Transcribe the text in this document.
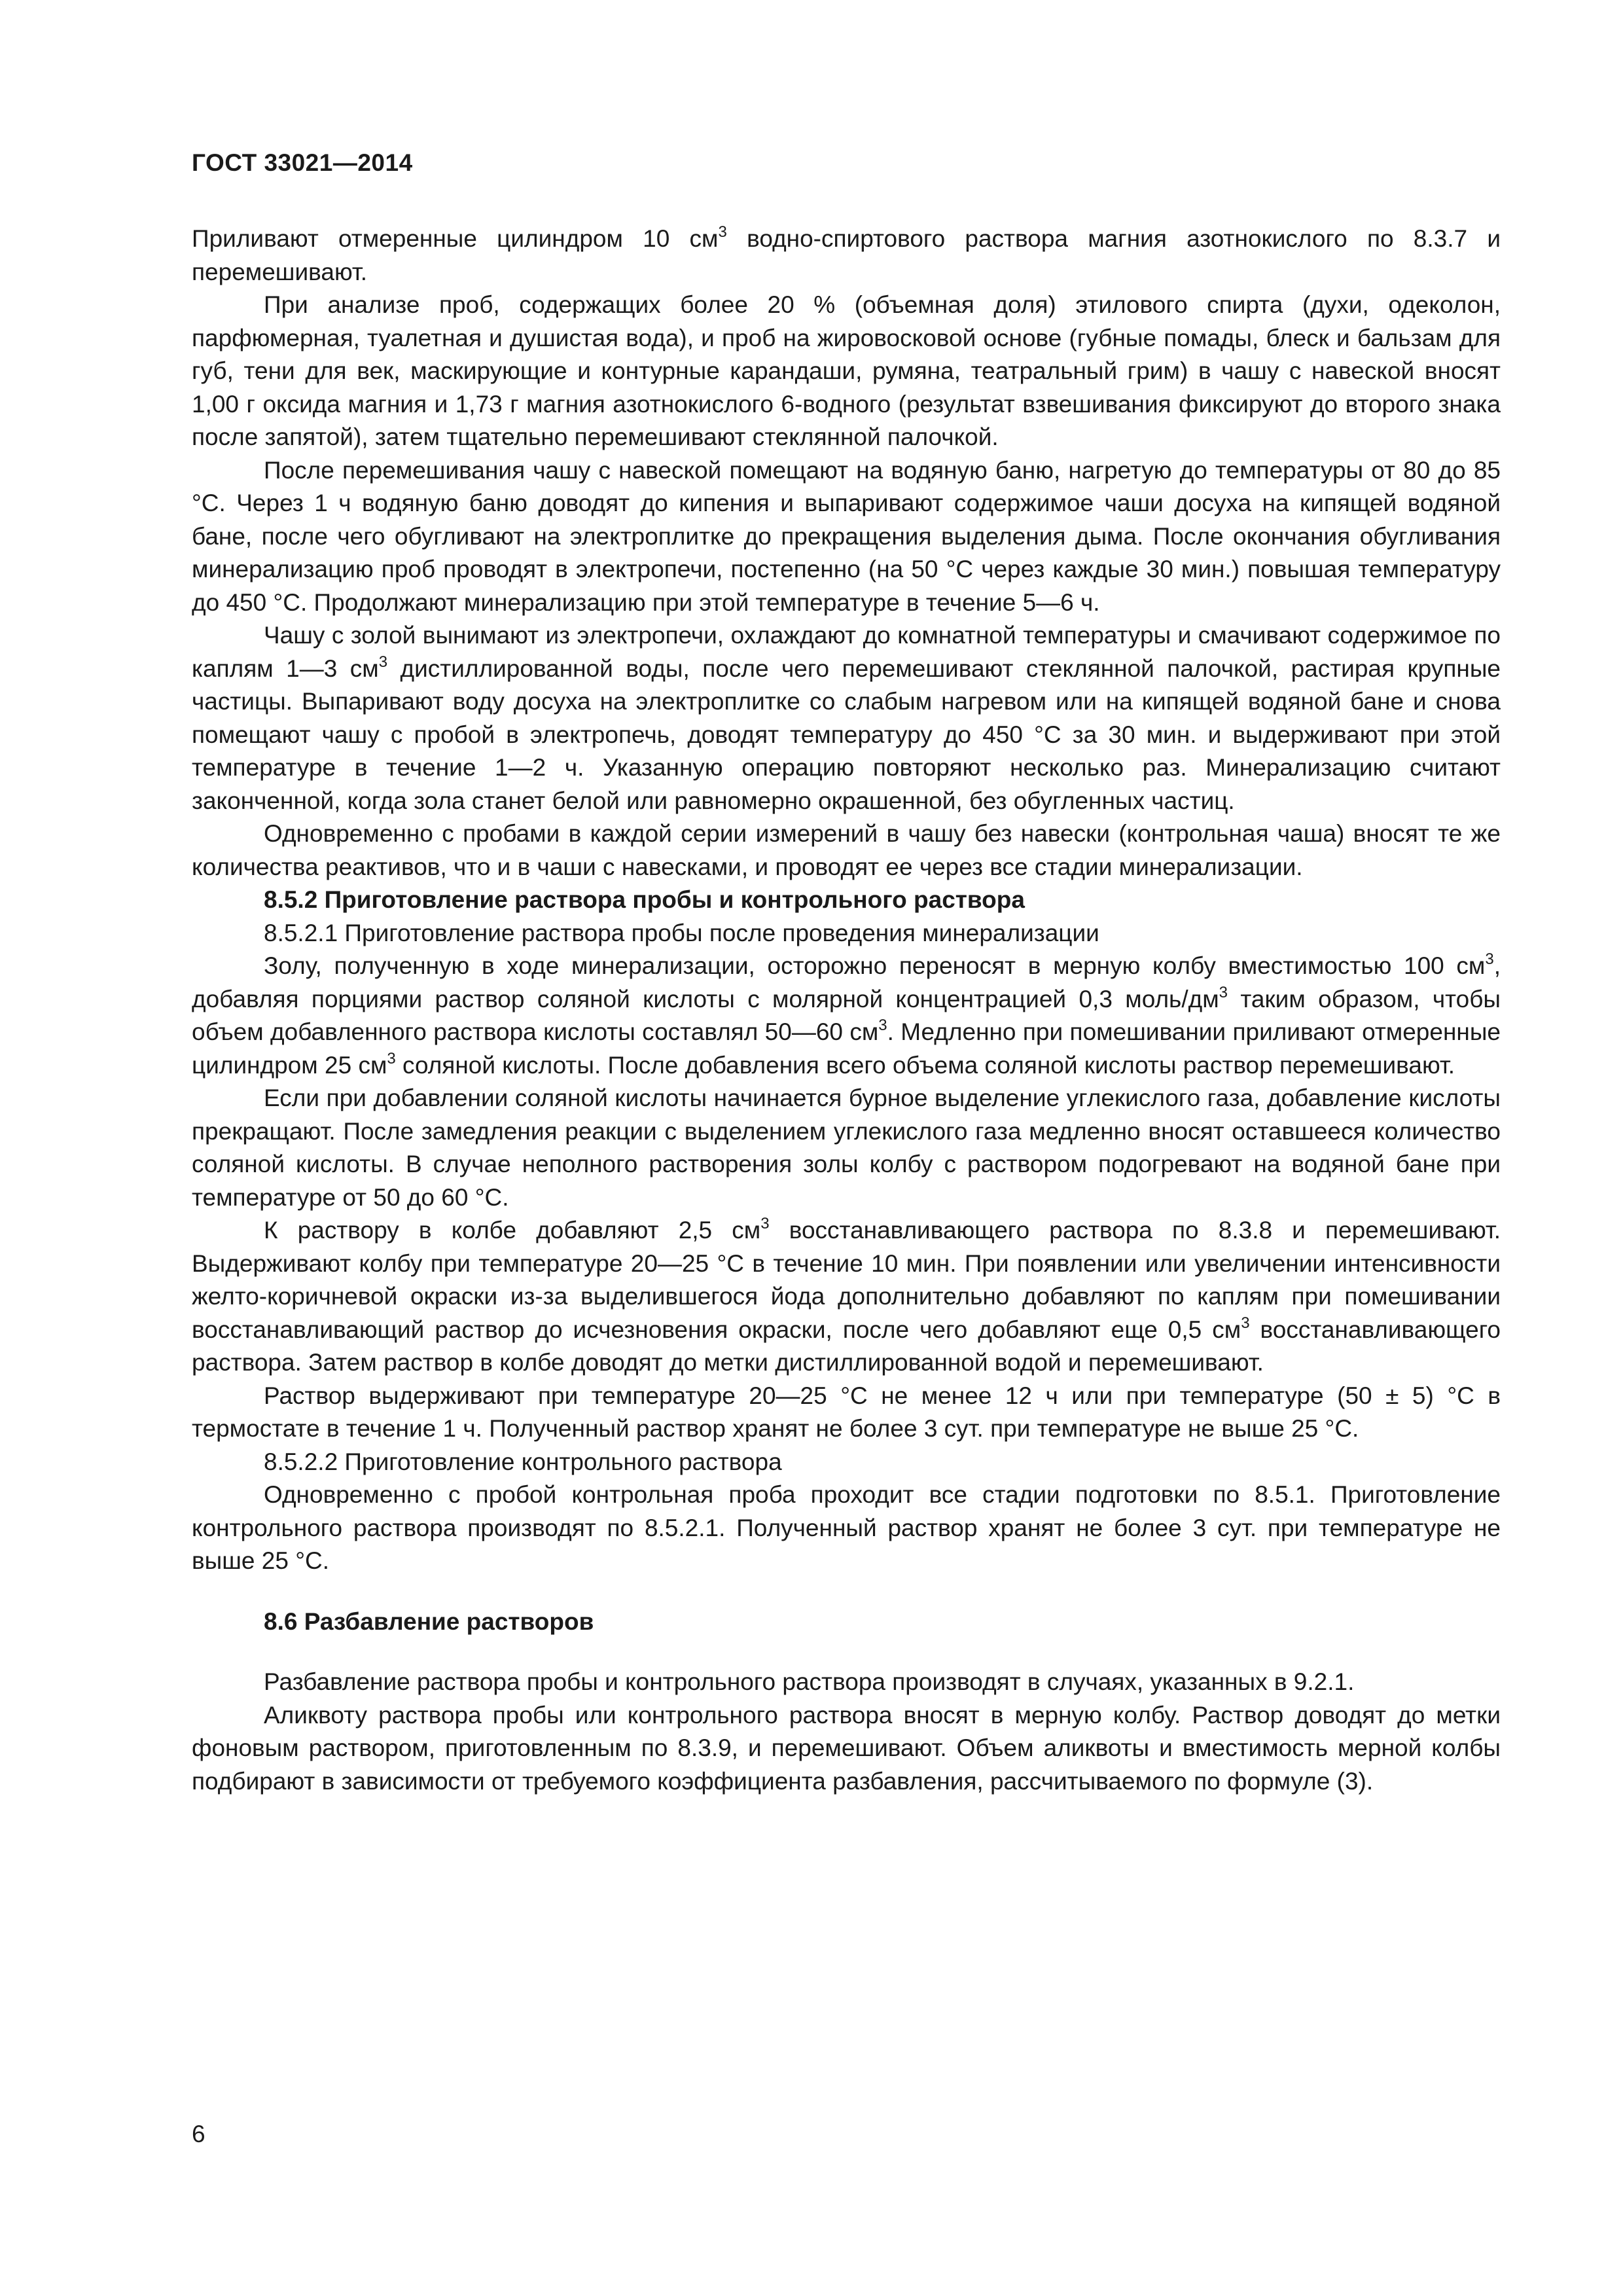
ГОСТ 33021—2014

Приливают отмеренные цилиндром 10 $см^3$ водно-спиртового раствора магния азотнокислого по 8.3.7 и перемешивают.

При анализе проб, содержащих более 20 % (объемная доля) этилового спирта (духи, одеколон, парфюмерная, туалетная и душистая вода), и проб на жировосковой основе (губные помады, блеск и бальзам для губ, тени для век, маскирующие и контурные карандаши, румяна, театральный грим) в чашу с навеской вносят 1,00 г оксида магния и 1,73 г магния азотнокислого 6-водного (результат взвешивания фиксируют до второго знака после запятой), затем тщательно перемешивают стеклянной палочкой.

После перемешивания чашу с навеской помещают на водяную баню, нагретую до температуры от 80 до 85 °С. Через 1 ч водяную баню доводят до кипения и выпаривают содержимое чаши досуха на кипящей водяной бане, после чего обугливают на электроплитке до прекращения выделения дыма. После окончания обугливания минерализацию проб проводят в электропечи, постепенно (на 50 °С через каждые 30 мин.) повышая температуру до 450 °С. Продолжают минерализацию при этой температуре в течение 5—6 ч.

Чашу с золой вынимают из электропечи, охлаждают до комнатной температуры и смачивают содержимое по каплям 1—3 $см^3$ дистиллированной воды, после чего перемешивают стеклянной палочкой, растирая крупные частицы. Выпаривают воду досуха на электроплитке со слабым нагревом или на кипящей водяной бане и снова помещают чашу с пробой в электропечь, доводят температуру до 450 °С за 30 мин. и выдерживают при этой температуре в течение 1—2 ч. Указанную операцию повторяют несколько раз. Минерализацию считают законченной, когда зола станет белой или равномерно окрашенной, без обугленных частиц.

Одновременно с пробами в каждой серии измерений в чашу без навески (контрольная чаша) вносят те же количества реактивов, что и в чаши с навесками, и проводят ее через все стадии минерализации.

8.5.2 Приготовление раствора пробы и контрольного раствора

8.5.2.1 Приготовление раствора пробы после проведения минерализации

Золу, полученную в ходе минерализации, осторожно переносят в мерную колбу вместимостью 100 $см^3$, добавляя порциями раствор соляной кислоты с молярной концентрацией 0,3 моль/$дм^3$ таким образом, чтобы объем добавленного раствора кислоты составлял 50—60 $см^3$. Медленно при помешивании приливают отмеренные цилиндром 25 $см^3$ соляной кислоты. После добавления всего объема соляной кислоты раствор перемешивают.

Если при добавлении соляной кислоты начинается бурное выделение углекислого газа, добавление кислоты прекращают. После замедления реакции с выделением углекислого газа медленно вносят оставшееся количество соляной кислоты. В случае неполного растворения золы колбу с раствором подогревают на водяной бане при температуре от 50 до 60 °С.

К раствору в колбе добавляют 2,5 $см^3$ восстанавливающего раствора по 8.3.8 и перемешивают. Выдерживают колбу при температуре 20—25 °С в течение 10 мин. При появлении или увеличении интенсивности желто-коричневой окраски из-за выделившегося йода дополнительно добавляют по каплям при помешивании восстанавливающий раствор до исчезновения окраски, после чего добавляют еще 0,5 $см^3$ восстанавливающего раствора. Затем раствор в колбе доводят до метки дистиллированной водой и перемешивают.

Раствор выдерживают при температуре 20—25 °С не менее 12 ч или при температуре (50 ± 5) °С в термостате в течение 1 ч. Полученный раствор хранят не более 3 сут. при температуре не выше 25 °С.

8.5.2.2 Приготовление контрольного раствора

Одновременно с пробой контрольная проба проходит все стадии подготовки по 8.5.1. Приготовление контрольного раствора производят по 8.5.2.1. Полученный раствор хранят не более 3 сут. при температуре не выше 25 °С.

8.6 Разбавление растворов

Разбавление раствора пробы и контрольного раствора производят в случаях, указанных в 9.2.1.

Аликвоту раствора пробы или контрольного раствора вносят в мерную колбу. Раствор доводят до метки фоновым раствором, приготовленным по 8.3.9, и перемешивают. Объем аликвоты и вместимость мерной колбы подбирают в зависимости от требуемого коэффициента разбавления, рассчитываемого по формуле (3).

6
